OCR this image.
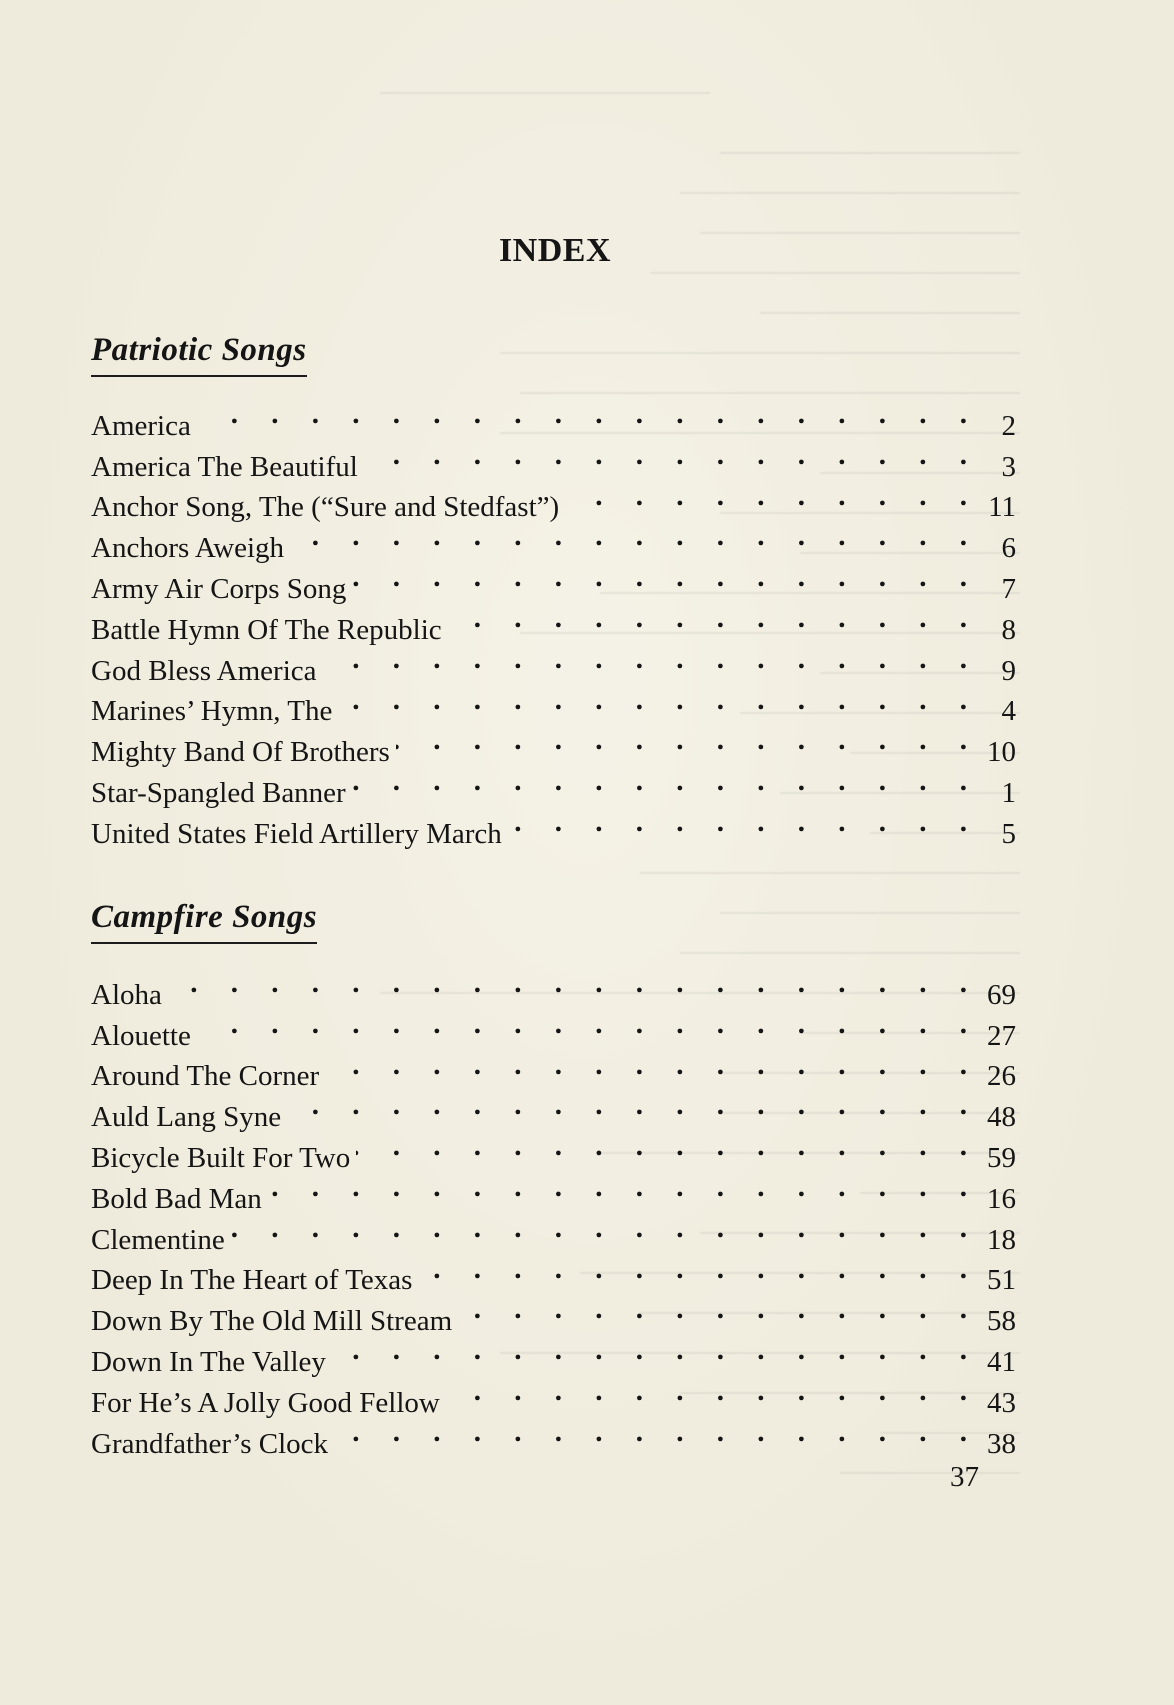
INDEX
Patriotic Songs
America . . .	2
America The Beautiful . . .	3
Anchor Song, The (“Sure and Stedfast”) . . .	11
Anchors Aweigh . . .	6
Army Air Corps Song . . .	7
Battle Hymn Of The Republic . . .	8
God Bless America . . .	9
Marines’ Hymn, The . . .	4
Mighty Band Of Brothers . . .	10
Star-Spangled Banner . . .	1
United States Field Artillery March . . .	5
Campfire Songs
Aloha . . .	69
Alouette . . .	27
Around The Corner . . .	26
Auld Lang Syne . . .	48
Bicycle Built For Two . . .	59
Bold Bad Man . . .	16
Clementine . . .	18
Deep In The Heart of Texas . . .	51
Down By The Old Mill Stream . . .	58
Down In The Valley . . .	41
For He’s A Jolly Good Fellow . . .	43
Grandfather’s Clock . . .	38
37
